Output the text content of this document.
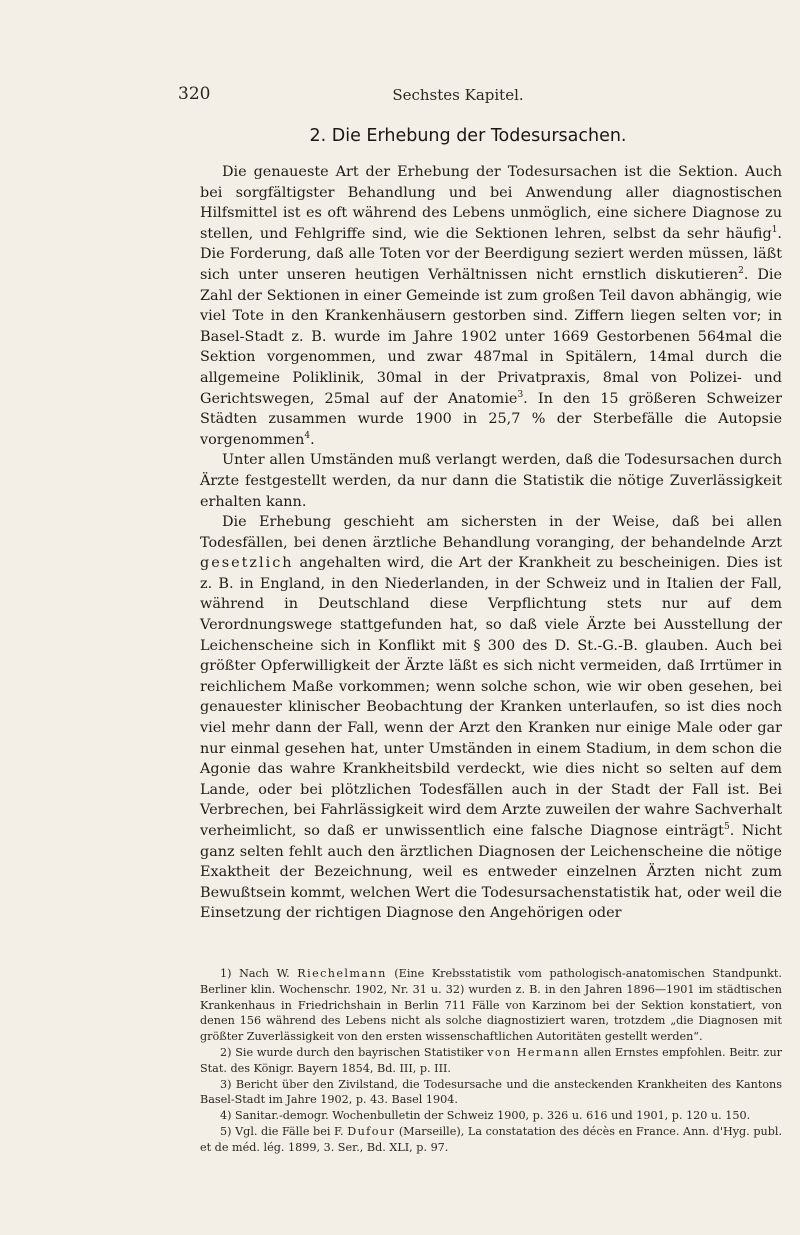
320	Sechstes Kapitel.
2. Die Erhebung der Todesursachen.

Die genaueste Art der Erhebung der Todesursachen ist die Sektion. Auch bei sorgfältigster Behandlung und bei Anwendung aller diagnostischen Hilfsmittel ist es oft während des Lebens unmöglich, eine sichere Diagnose zu stellen, und Fehlgriffe sind, wie die Sektionen lehren, selbst da sehr häufig$^1$. Die Forderung, daß alle Toten vor der Beerdigung seziert werden müssen, läßt sich unter unseren heutigen Verhältnissen nicht ernstlich diskutieren$^2$. Die Zahl der Sektionen in einer Gemeinde ist zum großen Teil davon abhängig, wie viel Tote in den Krankenhäusern gestorben sind. Ziffern liegen selten vor; in Basel-Stadt z. B. wurde im Jahre 1902 unter 1669 Gestorbenen 564mal die Sektion vorgenommen, und zwar 487mal in Spitälern, 14mal durch die allgemeine Poliklinik, 30mal in der Privatpraxis, 8mal von Polizei- und Gerichtswegen, 25mal auf der Anatomie$^3$. In den 15 größeren Schweizer Städten zusammen wurde 1900 in 25,7 % der Sterbefälle die Autopsie vorgenommen$^4$.

Unter allen Umständen muß verlangt werden, daß die Todesursachen durch Ärzte festgestellt werden, da nur dann die Statistik die nötige Zuverlässigkeit erhalten kann.

Die Erhebung geschieht am sichersten in der Weise, daß bei allen Todesfällen, bei denen ärztliche Behandlung voranging, der behandelnde Arzt gesetzlich angehalten wird, die Art der Krankheit zu bescheinigen. Dies ist z. B. in England, in den Niederlanden, in der Schweiz und in Italien der Fall, während in Deutschland diese Verpflichtung stets nur auf dem Verordnungswege stattgefunden hat, so daß viele Ärzte bei Ausstellung der Leichenscheine sich in Konflikt mit § 300 des D. St.-G.-B. glauben. Auch bei größter Opferwilligkeit der Ärzte läßt es sich nicht vermeiden, daß Irrtümer in reichlichem Maße vorkommen; wenn solche schon, wie wir oben gesehen, bei genauester klinischer Beobachtung der Kranken unterlaufen, so ist dies noch viel mehr dann der Fall, wenn der Arzt den Kranken nur einige Male oder gar nur einmal gesehen hat, unter Umständen in einem Stadium, in dem schon die Agonie das wahre Krankheitsbild verdeckt, wie dies nicht so selten auf dem Lande, oder bei plötzlichen Todesfällen auch in der Stadt der Fall ist. Bei Verbrechen, bei Fahrlässigkeit wird dem Arzte zuweilen der wahre Sachverhalt verheimlicht, so daß er unwissentlich eine falsche Diagnose einträgt$^5$. Nicht ganz selten fehlt auch den ärztlichen Diagnosen der Leichenscheine die nötige Exaktheit der Bezeichnung, weil es entweder einzelnen Ärzten nicht zum Bewußtsein kommt, welchen Wert die Todesursachenstatistik hat, oder weil die Einsetzung der richtigen Diagnose den Angehörigen oder

1) Nach W. Riechelmann (Eine Krebsstatistik vom pathologisch-anatomischen Standpunkt. Berliner klin. Wochenschr. 1902, Nr. 31 u. 32) wurden z. B. in den Jahren 1896—1901 im städtischen Krankenhaus in Friedrichshain in Berlin 711 Fälle von Karzinom bei der Sektion konstatiert, von denen 156 während des Lebens nicht als solche diagnostiziert waren, trotzdem „die Diagnosen mit größter Zuverlässigkeit von den ersten wissenschaftlichen Autoritäten gestellt werden“.

2) Sie wurde durch den bayrischen Statistiker von Hermann allen Ernstes empfohlen. Beitr. zur Stat. des Königr. Bayern 1854, Bd. III, p. III.

3) Bericht über den Zivilstand, die Todesursache und die ansteckenden Krankheiten des Kantons Basel-Stadt im Jahre 1902, p. 43. Basel 1904.

4) Sanitar.-demogr. Wochenbulletin der Schweiz 1900, p. 326 u. 616 und 1901, p. 120 u. 150.

5) Vgl. die Fälle bei F. Dufour (Marseille), La constatation des décès en France. Ann. d'Hyg. publ. et de méd. lég. 1899, 3. Ser., Bd. XLI, p. 97.
